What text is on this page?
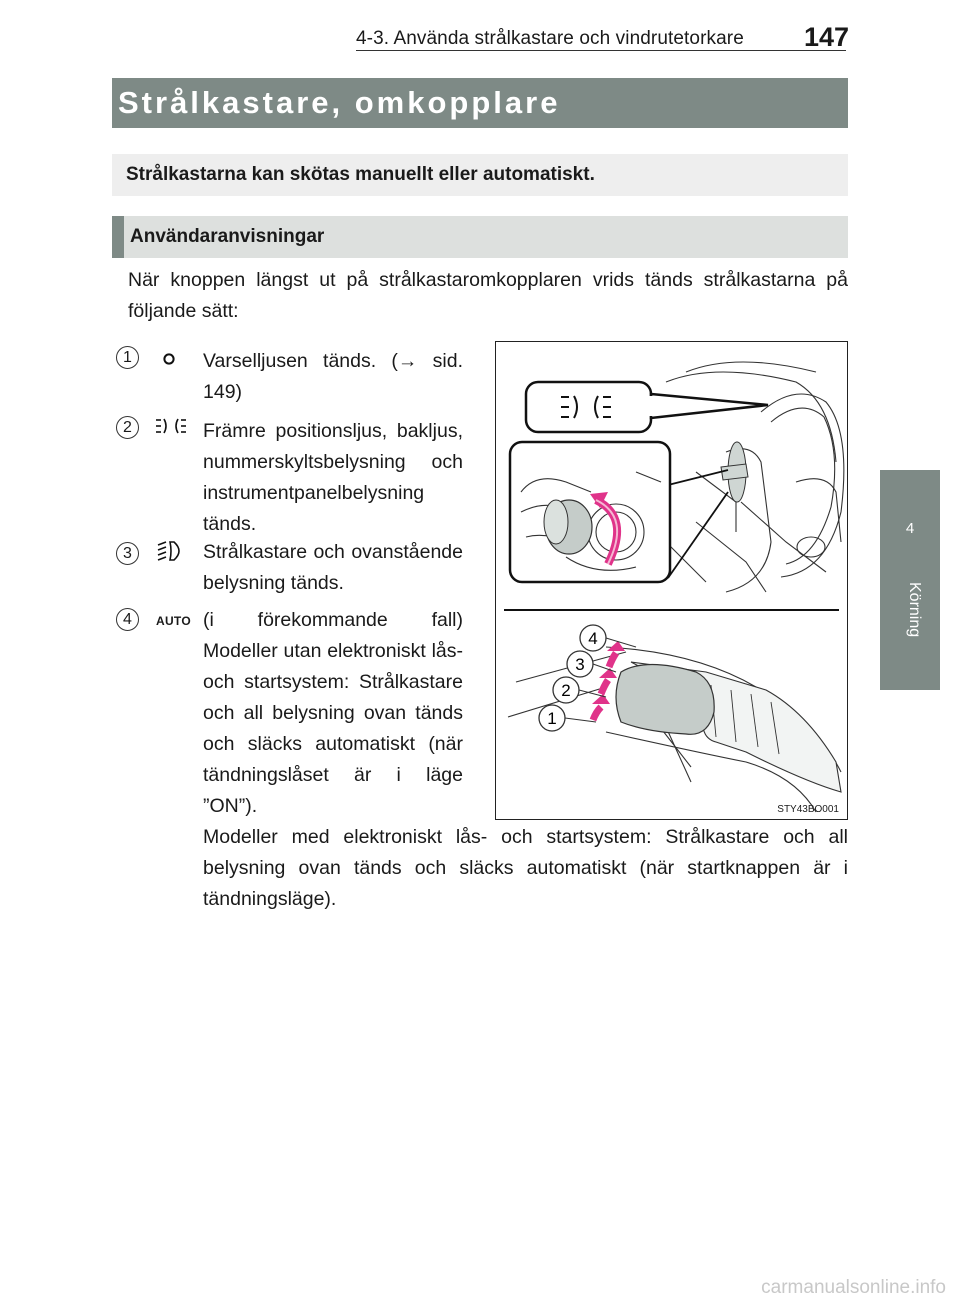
4-3. Använda strålkastare och vindrutetorkare 147
Strålkastare, omkopplare
Strålkastarna kan skötas manuellt eller automatiskt.
Användaranvisningar
När knoppen längst ut på strålkastaromkopplaren vrids tänds strålkastarna på följande sätt:
1	Varselljusen tänds. (→ sid. 149)
2	Främre positionsljus, bakljus, nummerskyltsbelysning och instrumentpanelbelysning tänds.
3	Strålkastare och ovanstående belysning tänds.
4	AUTO (i förekommande fall) Modeller utan elektroniskt lås- och startsystem: Strålkastare och all belysning ovan tänds och släcks automatiskt (när tändningslåset är i läge ”ON”).
Modeller med elektroniskt lås- och startsystem: Strålkastare och all belysning ovan tänds och släcks automatiskt (när startknappen är i tändningsläge).
4
3
2
1
STY43BO001
4
Körning
carmanualsonline.info
